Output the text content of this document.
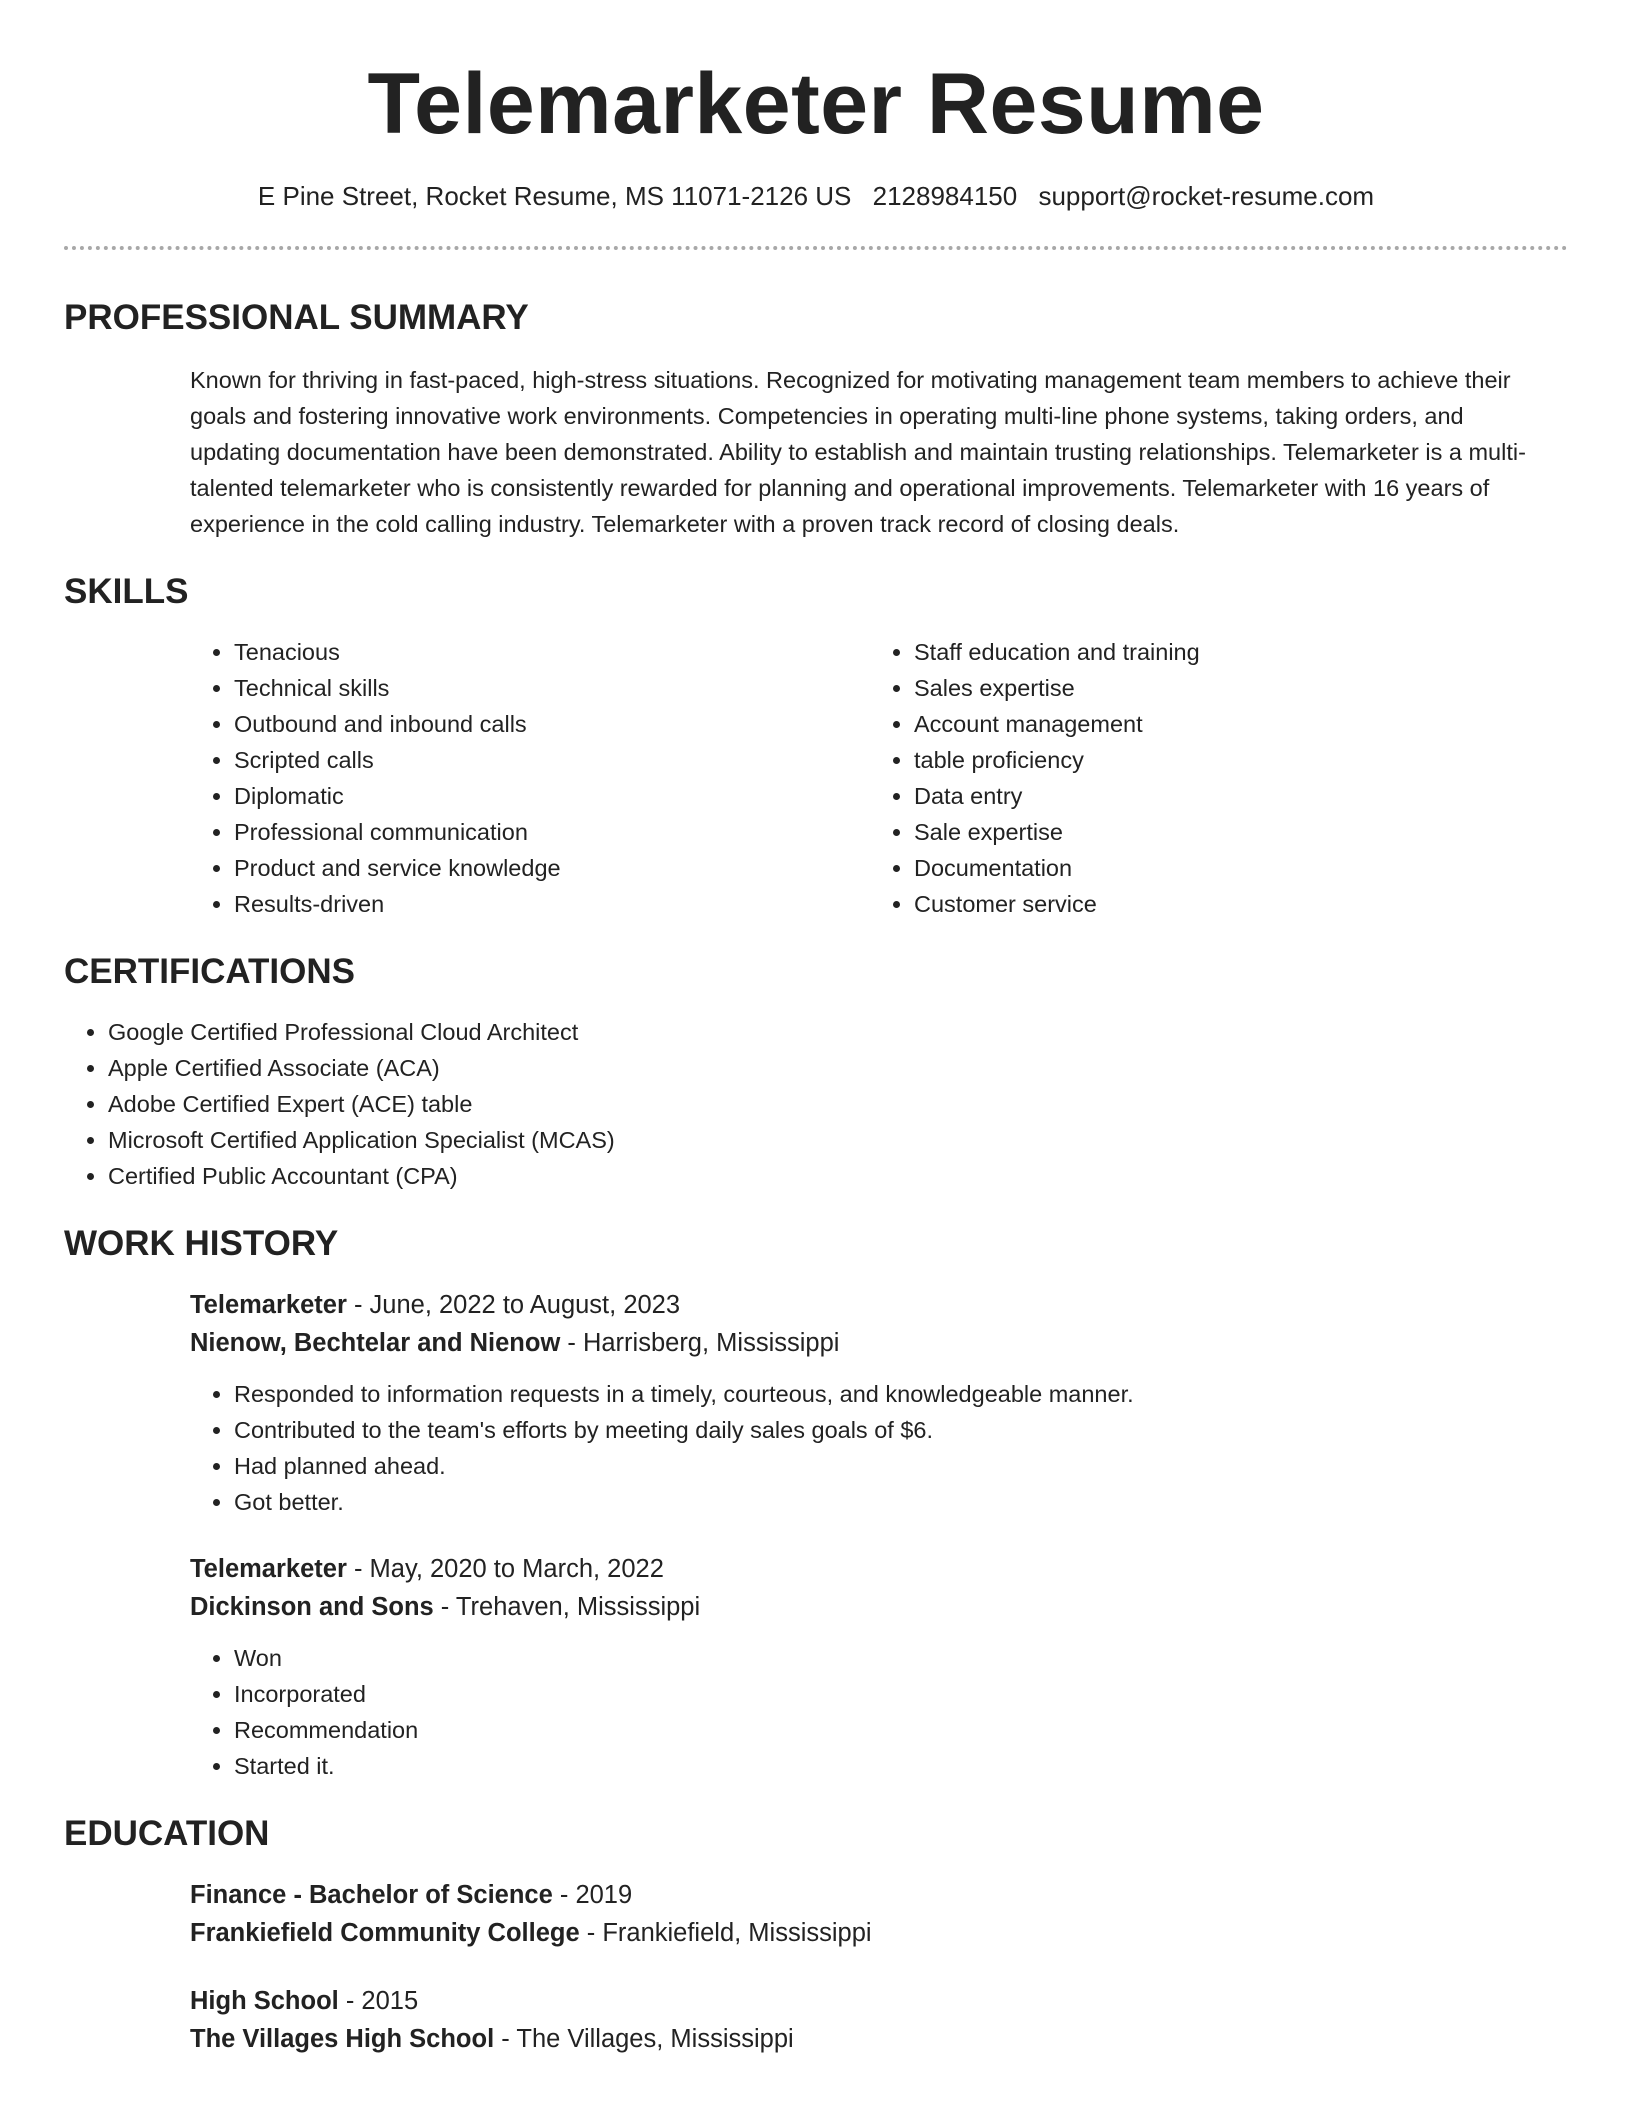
Telemarketer Resume
E Pine Street, Rocket Resume, MS 11071-2126 US 2128984150 support@rocket-resume.com
PROFESSIONAL SUMMARY
Known for thriving in fast-paced, high-stress situations. Recognized for motivating management team members to achieve their goals and fostering innovative work environments. Competencies in operating multi-line phone systems, taking orders, and updating documentation have been demonstrated. Ability to establish and maintain trusting relationships. Telemarketer is a multi-talented telemarketer who is consistently rewarded for planning and operational improvements. Telemarketer with 16 years of experience in the cold calling industry. Telemarketer with a proven track record of closing deals.
SKILLS
• Tenacious
• Technical skills
• Outbound and inbound calls
• Scripted calls
• Diplomatic
• Professional communication
• Product and service knowledge
• Results-driven
• Staff education and training
• Sales expertise
• Account management
• table proficiency
• Data entry
• Sale expertise
• Documentation
• Customer service
CERTIFICATIONS
• Google Certified Professional Cloud Architect
• Apple Certified Associate (ACA)
• Adobe Certified Expert (ACE) table
• Microsoft Certified Application Specialist (MCAS)
• Certified Public Accountant (CPA)
WORK HISTORY
Telemarketer - June, 2022 to August, 2023
Nienow, Bechtelar and Nienow - Harrisberg, Mississippi
• Responded to information requests in a timely, courteous, and knowledgeable manner.
• Contributed to the team's efforts by meeting daily sales goals of $6.
• Had planned ahead.
• Got better.
Telemarketer - May, 2020 to March, 2022
Dickinson and Sons - Trehaven, Mississippi
• Won
• Incorporated
• Recommendation
• Started it.
EDUCATION
Finance - Bachelor of Science - 2019
Frankiefield Community College - Frankiefield, Mississippi
High School - 2015
The Villages High School - The Villages, Mississippi
